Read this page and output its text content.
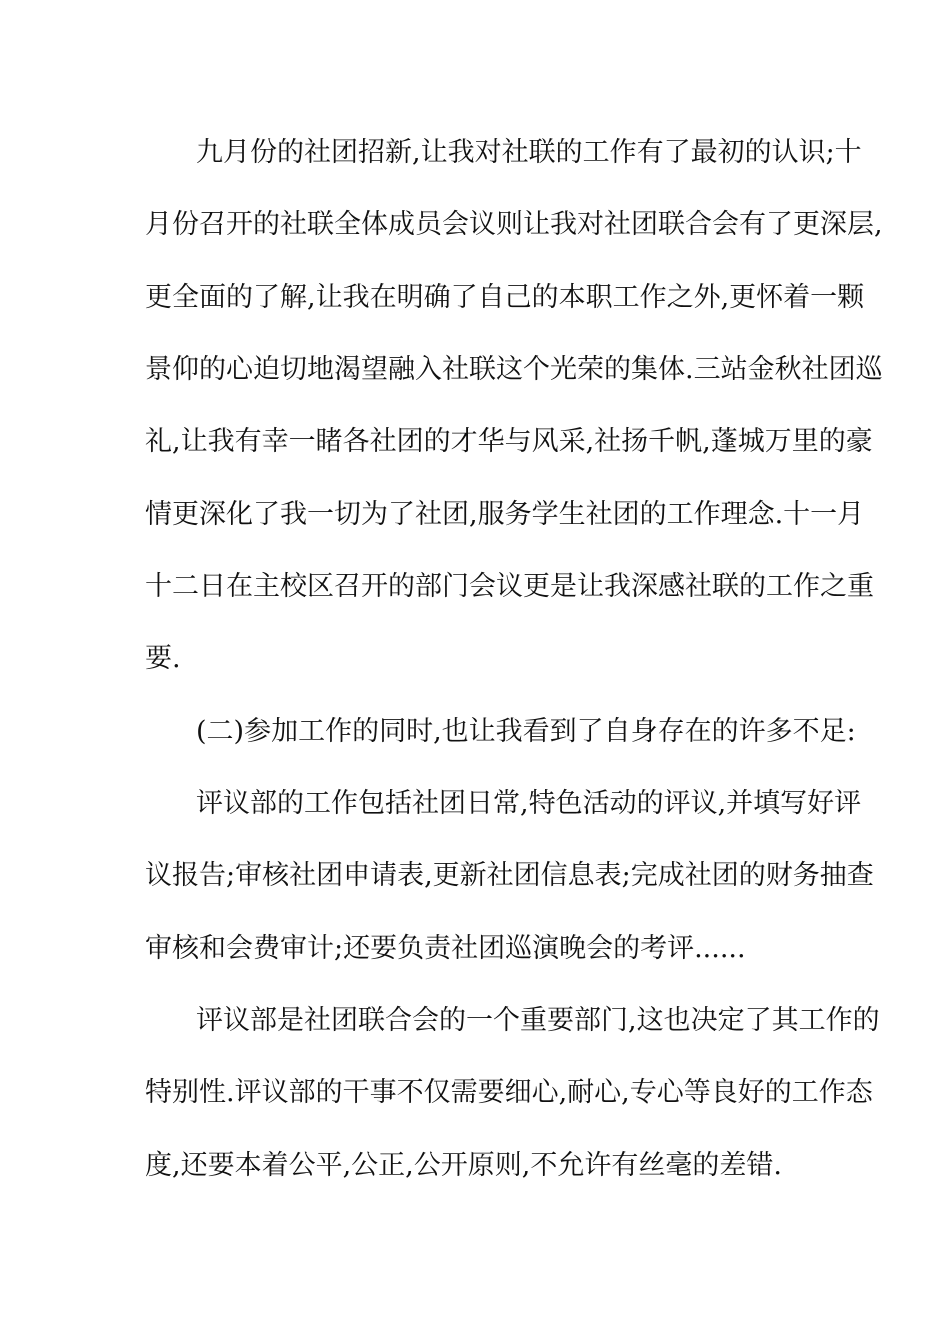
九月份的社团招新,让我对社联的工作有了最初的认识;十
月份召开的社联全体成员会议则让我对社团联合会有了更深层,
更全面的了解,让我在明确了自己的本职工作之外,更怀着一颗
景仰的心迫切地渴望融入社联这个光荣的集体.三站金秋社团巡
礼,让我有幸一睹各社团的才华与风采,社扬千帆,蓬城万里的豪
情更深化了我一切为了社团,服务学生社团的工作理念.十一月
十二日在主校区召开的部门会议更是让我深感社联的工作之重
要.
(二)参加工作的同时,也让我看到了自身存在的许多不足:
评议部的工作包括社团日常,特色活动的评议,并填写好评
议报告;审核社团申请表,更新社团信息表;完成社团的财务抽查
审核和会费审计;还要负责社团巡演晚会的考评......
评议部是社团联合会的一个重要部门,这也决定了其工作的
特别性.评议部的干事不仅需要细心,耐心,专心等良好的工作态
度,还要本着公平,公正,公开原则,不允许有丝毫的差错.
